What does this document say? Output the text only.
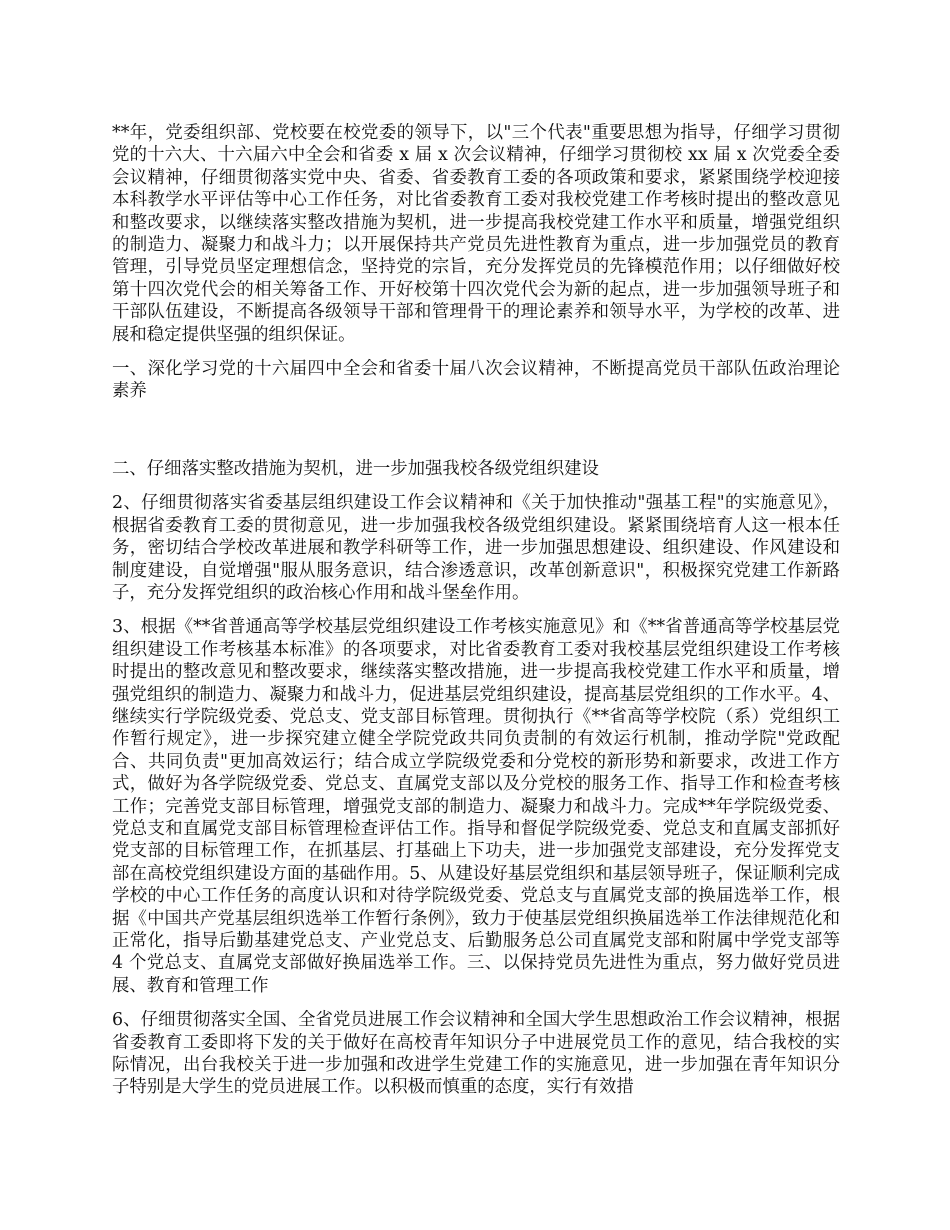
**年，党委组织部、党校要在校党委的领导下，以"三个代表"重要思想为指导，仔细学习贯彻党的十六大、十六届六中全会和省委 x 届 x 次会议精神，仔细学习贯彻校 xx 届 x 次党委全委会议精神，仔细贯彻落实党中央、省委、省委教育工委的各项政策和要求，紧紧围绕学校迎接本科教学水平评估等中心工作任务，对比省委教育工委对我校党建工作考核时提出的整改意见和整改要求，以继续落实整改措施为契机，进一步提高我校党建工作水平和质量，增强党组织的制造力、凝聚力和战斗力；以开展保持共产党员先进性教育为重点，进一步加强党员的教育管理，引导党员坚定理想信念，坚持党的宗旨，充分发挥党员的先锋模范作用；以仔细做好校第十四次党代会的相关筹备工作、开好校第十四次党代会为新的起点，进一步加强领导班子和干部队伍建设，不断提高各级领导干部和管理骨干的理论素养和领导水平，为学校的改革、进展和稳定提供坚强的组织保证。

一、深化学习党的十六届四中全会和省委十届八次会议精神，不断提高党员干部队伍政治理论素养

二、仔细落实整改措施为契机，进一步加强我校各级党组织建设

2、仔细贯彻落实省委基层组织建设工作会议精神和《关于加快推动"强基工程"的实施意见》，根据省委教育工委的贯彻意见，进一步加强我校各级党组织建设。紧紧围绕培育人这一根本任务，密切结合学校改革进展和教学科研等工作，进一步加强思想建设、组织建设、作风建设和制度建设，自觉增强"服从服务意识，结合渗透意识，改革创新意识"，积极探究党建工作新路子，充分发挥党组织的政治核心作用和战斗堡垒作用。

3、根据《**省普通高等学校基层党组织建设工作考核实施意见》和《**省普通高等学校基层党组织建设工作考核基本标准》的各项要求，对比省委教育工委对我校基层党组织建设工作考核时提出的整改意见和整改要求，继续落实整改措施，进一步提高我校党建工作水平和质量，增强党组织的制造力、凝聚力和战斗力，促进基层党组织建设，提高基层党组织的工作水平。4、继续实行学院级党委、党总支、党支部目标管理。贯彻执行《**省高等学校院（系）党组织工作暂行规定》，进一步探究建立健全学院党政共同负责制的有效运行机制，推动学院"党政配合、共同负责"更加高效运行；结合成立学院级党委和分党校的新形势和新要求，改进工作方式，做好为各学院级党委、党总支、直属党支部以及分党校的服务工作、指导工作和检查考核工作；完善党支部目标管理，增强党支部的制造力、凝聚力和战斗力。完成**年学院级党委、党总支和直属党支部目标管理检查评估工作。指导和督促学院级党委、党总支和直属支部抓好党支部的目标管理工作，在抓基层、打基础上下功夫，进一步加强党支部建设，充分发挥党支部在高校党组织建设方面的基础作用。5、从建设好基层党组织和基层领导班子，保证顺利完成学校的中心工作任务的高度认识和对待学院级党委、党总支与直属党支部的换届选举工作，根据《中国共产党基层组织选举工作暂行条例》，致力于使基层党组织换届选举工作法律规范化和正常化，指导后勤基建党总支、产业党总支、后勤服务总公司直属党支部和附属中学党支部等 4 个党总支、直属党支部做好换届选举工作。三、以保持党员先进性为重点，努力做好党员进展、教育和管理工作

6、仔细贯彻落实全国、全省党员进展工作会议精神和全国大学生思想政治工作会议精神，根据省委教育工委即将下发的关于做好在高校青年知识分子中进展党员工作的意见，结合我校的实际情况，出台我校关于进一步加强和改进学生党建工作的实施意见，进一步加强在青年知识分子特别是大学生的党员进展工作。以积极而慎重的态度，实行有效措
